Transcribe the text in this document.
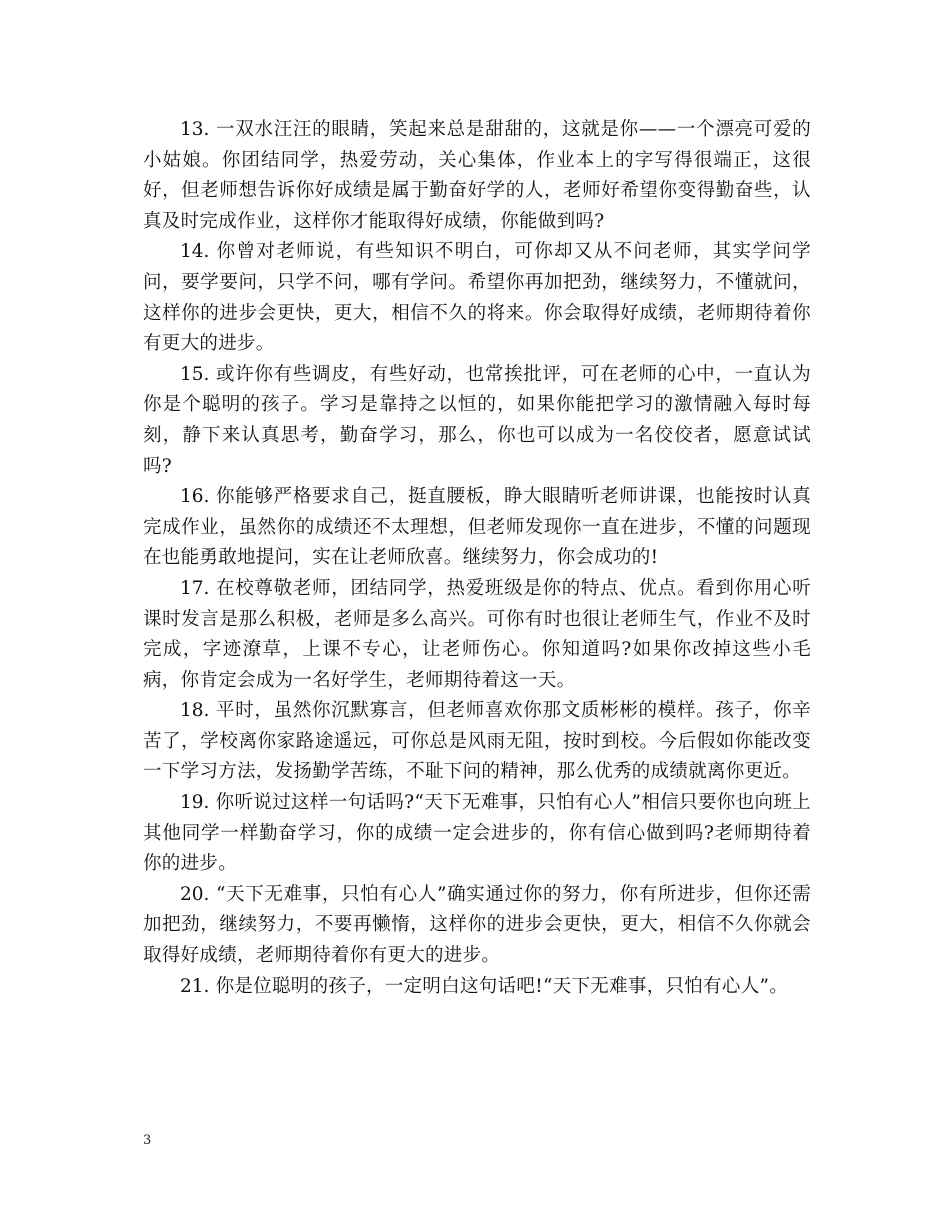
13. 一双水汪汪的眼睛，笑起来总是甜甜的，这就是你——一个漂亮可爱的小姑娘。你团结同学，热爱劳动，关心集体，作业本上的字写得很端正，这很好，但老师想告诉你好成绩是属于勤奋好学的人，老师好希望你变得勤奋些，认真及时完成作业，这样你才能取得好成绩，你能做到吗?

14. 你曾对老师说，有些知识不明白，可你却又从不问老师，其实学问学问，要学要问，只学不问，哪有学问。希望你再加把劲，继续努力，不懂就问，这样你的进步会更快，更大，相信不久的将来。你会取得好成绩，老师期待着你有更大的进步。

15. 或许你有些调皮，有些好动，也常挨批评，可在老师的心中，一直认为你是个聪明的孩子。学习是靠持之以恒的，如果你能把学习的激情融入每时每刻，静下来认真思考，勤奋学习，那么，你也可以成为一名佼佼者，愿意试试吗?

16. 你能够严格要求自己，挺直腰板，睁大眼睛听老师讲课，也能按时认真完成作业，虽然你的成绩还不太理想，但老师发现你一直在进步，不懂的问题现在也能勇敢地提问，实在让老师欣喜。继续努力，你会成功的!

17. 在校尊敬老师，团结同学，热爱班级是你的特点、优点。看到你用心听课时发言是那么积极，老师是多么高兴。可你有时也很让老师生气，作业不及时完成，字迹潦草，上课不专心，让老师伤心。你知道吗?如果你改掉这些小毛病，你肯定会成为一名好学生，老师期待着这一天。

18. 平时，虽然你沉默寡言，但老师喜欢你那文质彬彬的模样。孩子，你辛苦了，学校离你家路途遥远，可你总是风雨无阻，按时到校。今后假如你能改变一下学习方法，发扬勤学苦练，不耻下问的精神，那么优秀的成绩就离你更近。

19. 你听说过这样一句话吗?“天下无难事，只怕有心人”相信只要你也向班上其他同学一样勤奋学习，你的成绩一定会进步的，你有信心做到吗?老师期待着你的进步。

20. “天下无难事，只怕有心人”确实通过你的努力，你有所进步，但你还需加把劲，继续努力，不要再懒惰，这样你的进步会更快，更大，相信不久你就会取得好成绩，老师期待着你有更大的进步。

21. 你是位聪明的孩子，一定明白这句话吧!“天下无难事，只怕有心人”。

3
